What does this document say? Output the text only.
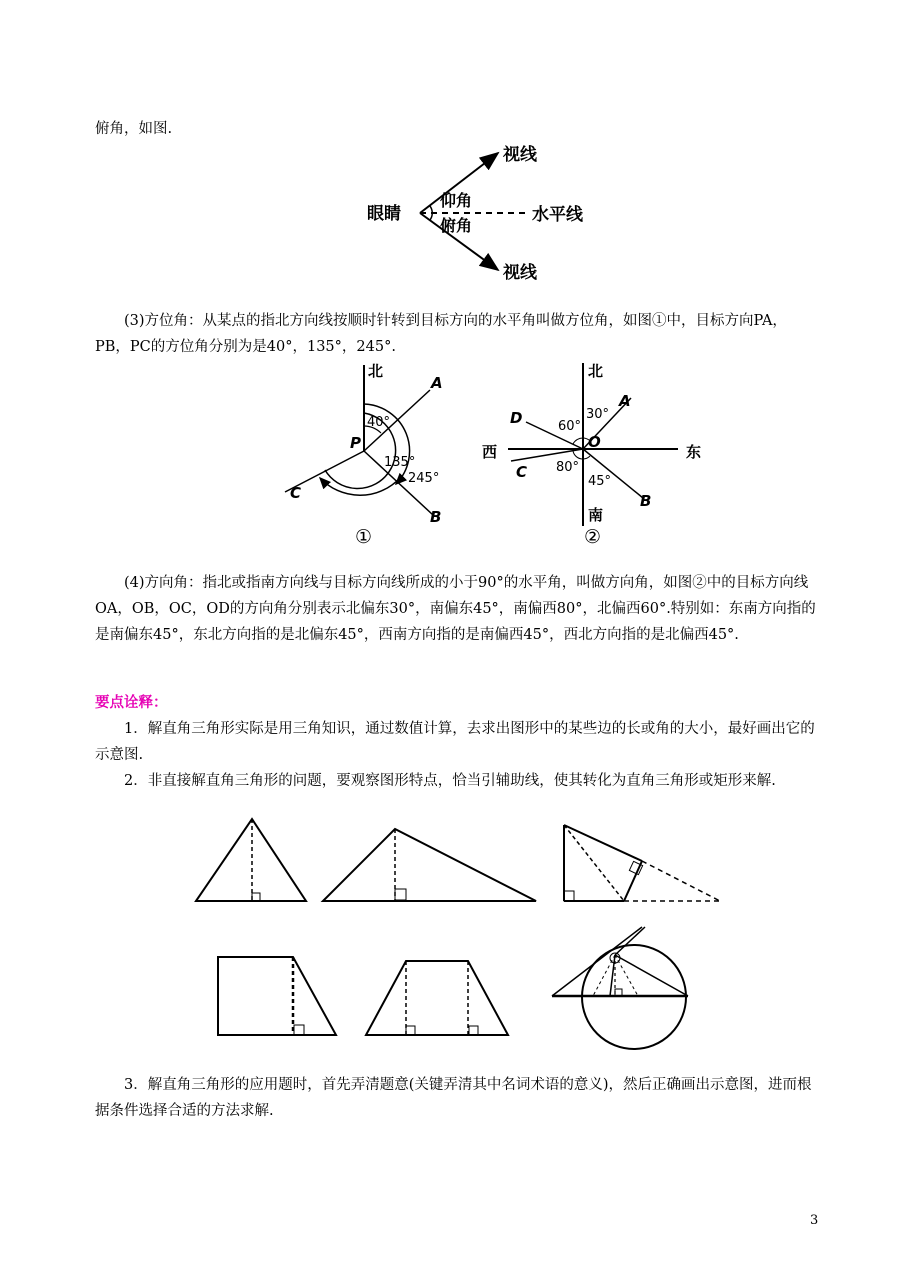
俯角，如图.
眼睛
视线
仰角
俯角
水平线
视线
(3)方位角：从某点的指北方向线按顺时针转到目标方向的水平角叫做方位角，如图①中，目标方向PA，PB，PC的方位角分别为是40°，135°，245°.
北
A
40°
P
135°
245°
C
B
①
北
30°
A
D	60°
O
西	东
C 80°
45°
B
南
②
(4)方向角：指北或指南方向线与目标方向线所成的小于90°的水平角，叫做方向角，如图②中的目标方向线OA，OB，OC，OD的方向角分别表示北偏东30°，南偏东45°，南偏西80°，北偏西60°.特别如：东南方向指的是南偏东45°，东北方向指的是北偏东45°，西南方向指的是南偏西45°，西北方向指的是北偏西45°.
要点诠释：
1．解直角三角形实际是用三角知识，通过数值计算，去求出图形中的某些边的长或角的大小，最好画出它的示意图.
2．非直接解直角三角形的问题，要观察图形特点，恰当引辅助线，使其转化为直角三角形或矩形来解.
3．解直角三角形的应用题时，首先弄清题意(关键弄清其中名词术语的意义)，然后正确画出示意图，进而根据条件选择合适的方法求解.
3
